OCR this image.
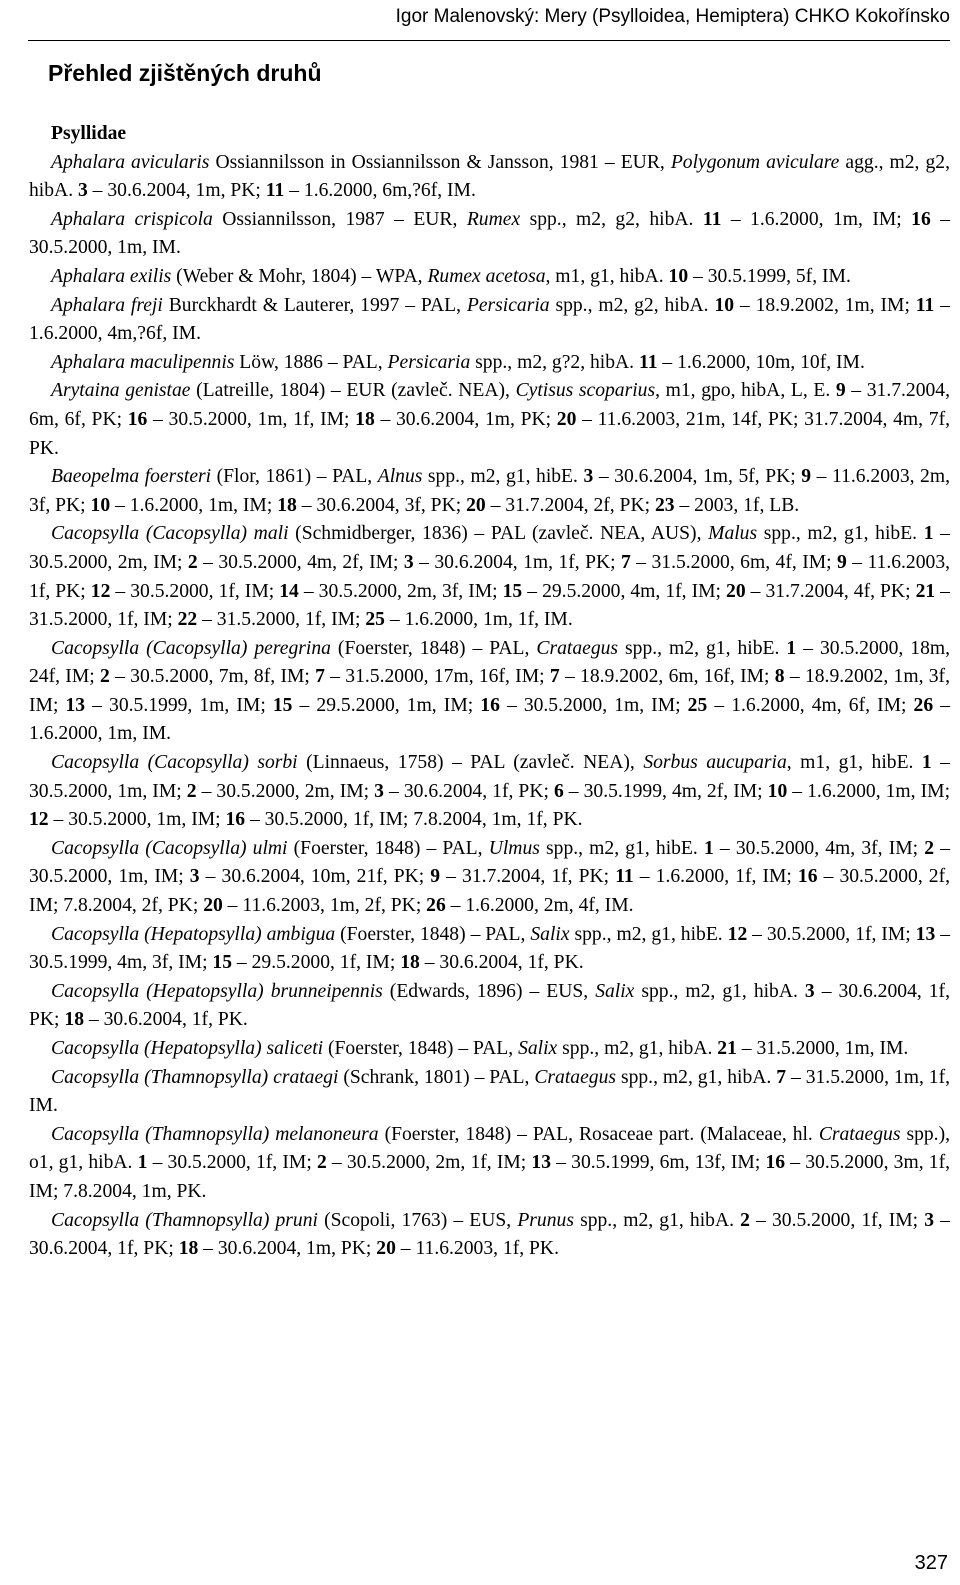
Igor Malenovský: Mery (Psylloidea, Hemiptera) CHKO Kokořínsko
Přehled zjištěných druhů
Psyllidae

Aphalara avicularis Ossiannilsson in Ossiannilsson & Jansson, 1981 – EUR, Polygonum aviculare agg., m2, g2, hibA. 3 – 30.6.2004, 1m, PK; 11 – 1.6.2000, 6m,?6f, IM.

Aphalara crispicola Ossiannilsson, 1987 – EUR, Rumex spp., m2, g2, hibA. 11 – 1.6.2000, 1m, IM; 16 – 30.5.2000, 1m, IM.

Aphalara exilis (Weber & Mohr, 1804) – WPA, Rumex acetosa, m1, g1, hibA. 10 – 30.5.1999, 5f, IM.

Aphalara freji Burckhardt & Lauterer, 1997 – PAL, Persicaria spp., m2, g2, hibA. 10 – 18.9.2002, 1m, IM; 11 – 1.6.2000, 4m,?6f, IM.

Aphalara maculipennis Löw, 1886 – PAL, Persicaria spp., m2, g?2, hibA. 11 – 1.6.2000, 10m, 10f, IM.

Arytaina genistae (Latreille, 1804) – EUR (zavleč. NEA), Cytisus scoparius, m1, gpo, hibA, L, E. 9 – 31.7.2004, 6m, 6f, PK; 16 – 30.5.2000, 1m, 1f, IM; 18 – 30.6.2004, 1m, PK; 20 – 11.6.2003, 21m, 14f, PK; 31.7.2004, 4m, 7f, PK.

Baeopelma foersteri (Flor, 1861) – PAL, Alnus spp., m2, g1, hibE. 3 – 30.6.2004, 1m, 5f, PK; 9 – 11.6.2003, 2m, 3f, PK; 10 – 1.6.2000, 1m, IM; 18 – 30.6.2004, 3f, PK; 20 – 31.7.2004, 2f, PK; 23 – 2003, 1f, LB.

Cacopsylla (Cacopsylla) mali (Schmidberger, 1836) – PAL (zavleč. NEA, AUS), Malus spp., m2, g1, hibE. 1 – 30.5.2000, 2m, IM; 2 – 30.5.2000, 4m, 2f, IM; 3 – 30.6.2004, 1m, 1f, PK; 7 – 31.5.2000, 6m, 4f, IM; 9 – 11.6.2003, 1f, PK; 12 – 30.5.2000, 1f, IM; 14 – 30.5.2000, 2m, 3f, IM; 15 – 29.5.2000, 4m, 1f, IM; 20 – 31.7.2004, 4f, PK; 21 – 31.5.2000, 1f, IM; 22 – 31.5.2000, 1f, IM; 25 – 1.6.2000, 1m, 1f, IM.

Cacopsylla (Cacopsylla) peregrina (Foerster, 1848) – PAL, Crataegus spp., m2, g1, hibE. 1 – 30.5.2000, 18m, 24f, IM; 2 – 30.5.2000, 7m, 8f, IM; 7 – 31.5.2000, 17m, 16f, IM; 7 – 18.9.2002, 6m, 16f, IM; 8 – 18.9.2002, 1m, 3f, IM; 13 – 30.5.1999, 1m, IM; 15 – 29.5.2000, 1m, IM; 16 – 30.5.2000, 1m, IM; 25 – 1.6.2000, 4m, 6f, IM; 26 – 1.6.2000, 1m, IM.

Cacopsylla (Cacopsylla) sorbi (Linnaeus, 1758) – PAL (zavleč. NEA), Sorbus aucuparia, m1, g1, hibE. 1 – 30.5.2000, 1m, IM; 2 – 30.5.2000, 2m, IM; 3 – 30.6.2004, 1f, PK; 6 – 30.5.1999, 4m, 2f, IM; 10 – 1.6.2000, 1m, IM; 12 – 30.5.2000, 1m, IM; 16 – 30.5.2000, 1f, IM; 7.8.2004, 1m, 1f, PK.

Cacopsylla (Cacopsylla) ulmi (Foerster, 1848) – PAL, Ulmus spp., m2, g1, hibE. 1 – 30.5.2000, 4m, 3f, IM; 2 – 30.5.2000, 1m, IM; 3 – 30.6.2004, 10m, 21f, PK; 9 – 31.7.2004, 1f, PK; 11 – 1.6.2000, 1f, IM; 16 – 30.5.2000, 2f, IM; 7.8.2004, 2f, PK; 20 – 11.6.2003, 1m, 2f, PK; 26 – 1.6.2000, 2m, 4f, IM.

Cacopsylla (Hepatopsylla) ambigua (Foerster, 1848) – PAL, Salix spp., m2, g1, hibE. 12 – 30.5.2000, 1f, IM; 13 – 30.5.1999, 4m, 3f, IM; 15 – 29.5.2000, 1f, IM; 18 – 30.6.2004, 1f, PK.

Cacopsylla (Hepatopsylla) brunneipennis (Edwards, 1896) – EUS, Salix spp., m2, g1, hibA. 3 – 30.6.2004, 1f, PK; 18 – 30.6.2004, 1f, PK.

Cacopsylla (Hepatopsylla) saliceti (Foerster, 1848) – PAL, Salix spp., m2, g1, hibA. 21 – 31.5.2000, 1m, IM.

Cacopsylla (Thamnopsylla) crataegi (Schrank, 1801) – PAL, Crataegus spp., m2, g1, hibA. 7 – 31.5.2000, 1m, 1f, IM.

Cacopsylla (Thamnopsylla) melanoneura (Foerster, 1848) – PAL, Rosaceae part. (Malaceae, hl. Crataegus spp.), o1, g1, hibA. 1 – 30.5.2000, 1f, IM; 2 – 30.5.2000, 2m, 1f, IM; 13 – 30.5.1999, 6m, 13f, IM; 16 – 30.5.2000, 3m, 1f, IM; 7.8.2004, 1m, PK.

Cacopsylla (Thamnopsylla) pruni (Scopoli, 1763) – EUS, Prunus spp., m2, g1, hibA. 2 – 30.5.2000, 1f, IM; 3 – 30.6.2004, 1f, PK; 18 – 30.6.2004, 1m, PK; 20 – 11.6.2003, 1f, PK.

327
